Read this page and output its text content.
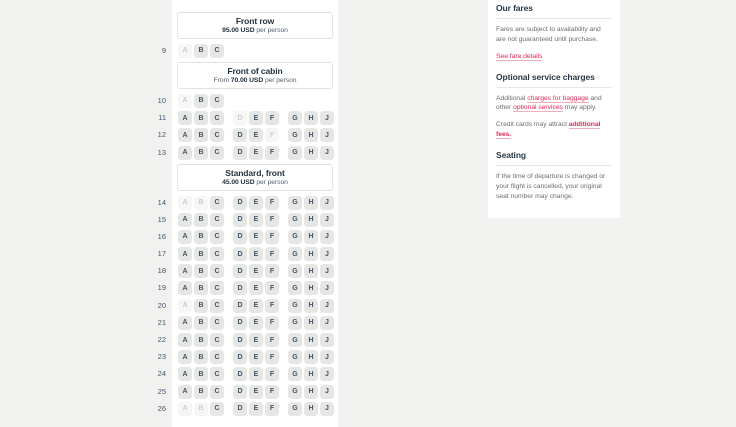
Front row
95.00 USD per person
9	A	B	C
Front of cabin
From 70.00 USD per person
10	A	B	C
11	A	B	C	D	E	F	G	H	J
12	A	B	C	D	E	F	G	H	J
13	A	B	C	D	E	F	G	H	J
Standard, front
45.00 USD per person
14	A	B	C	D	E	F	G	H	J
15	A	B	C	D	E	F	G	H	J
16	A	B	C	D	E	F	G	H	J
17	A	B	C	D	E	F	G	H	J
18	A	B	C	D	E	F	G	H	J
19	A	B	C	D	E	F	G	H	J
20	A	B	C	D	E	F	G	H	J
21	A	B	C	D	E	F	G	H	J
22	A	B	C	D	E	F	G	H	J
23	A	B	C	D	E	F	G	H	J
24	A	B	C	D	E	F	G	H	J
25	A	B	C	D	E	F	G	H	J
26	A	B	C	D	E	F	G	H	J
Our fares

Fares are subject to availability and are not guaranteed until purchase.

See fare details

Optional service charges

Additional charges for baggage and other optional services may apply.

Credit cards may attract additional fees.

Seating

If the time of departure is changed or your flight is cancelled, your original seat number may change.
